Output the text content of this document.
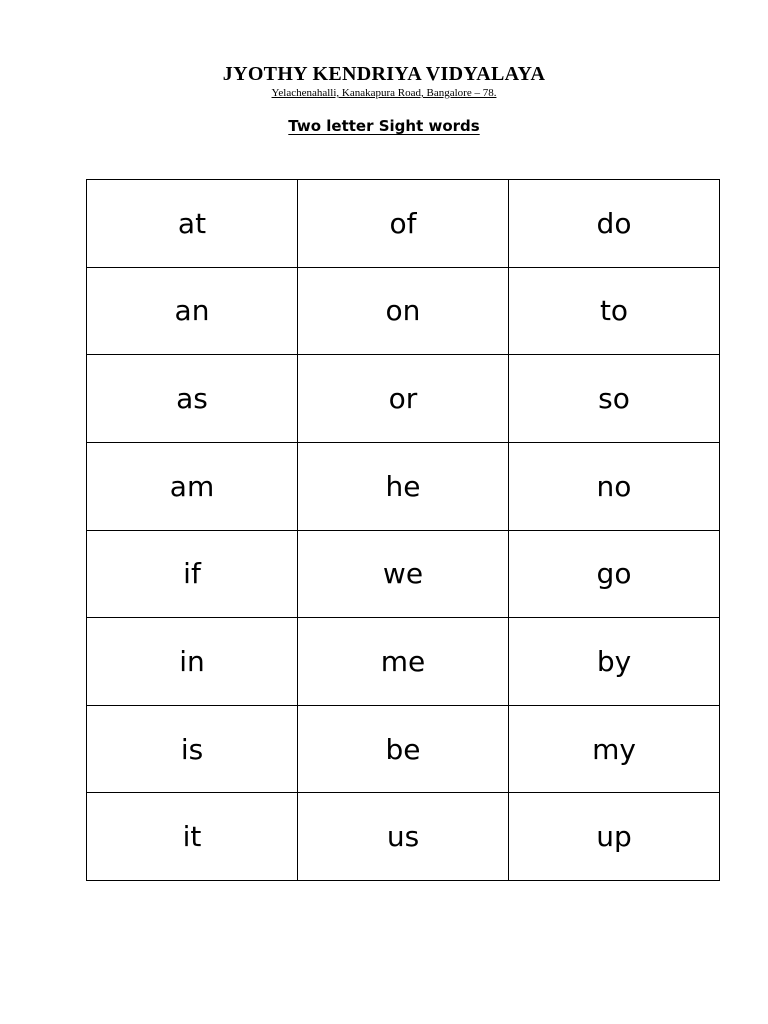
JYOTHY KENDRIYA VIDYALAYA
Yelachenahalli, Kanakapura Road, Bangalore – 78.
Two letter Sight words
at	of	do
an	on	to
as	or	so
am	he	no
if	we	go
in	me	by
is	be	my
it	us	up
